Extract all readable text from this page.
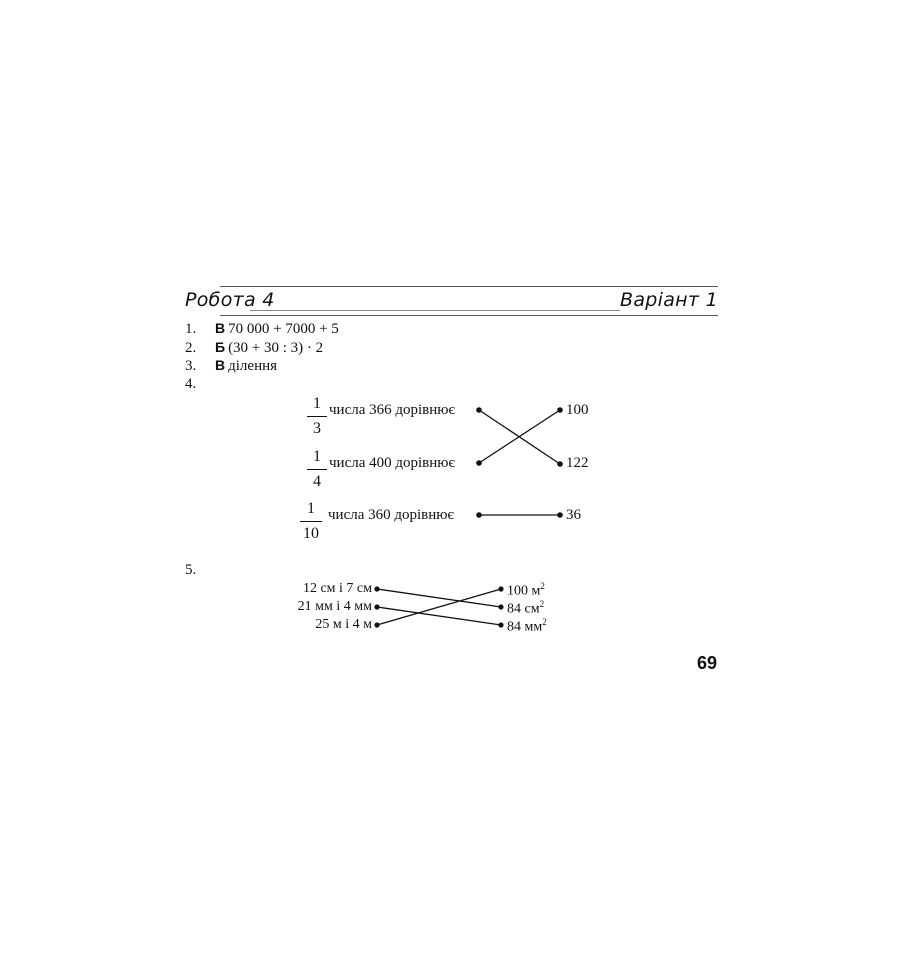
Робота 4	Варіант 1
1. В 70 000 + 7000 + 5
2. Б (30 + 30 : 3) · 2
3. В ділення
4.
1
3
числа 366 дорівнює
1
4
числа 400 дорівнює
1
10
числа 360 дорівнює
100
122
36
5.
12 см і 7 см
21 мм і 4 мм
25 м і 4 м
100 $м^2$
84 $см^2$
84 $мм^2$
69
